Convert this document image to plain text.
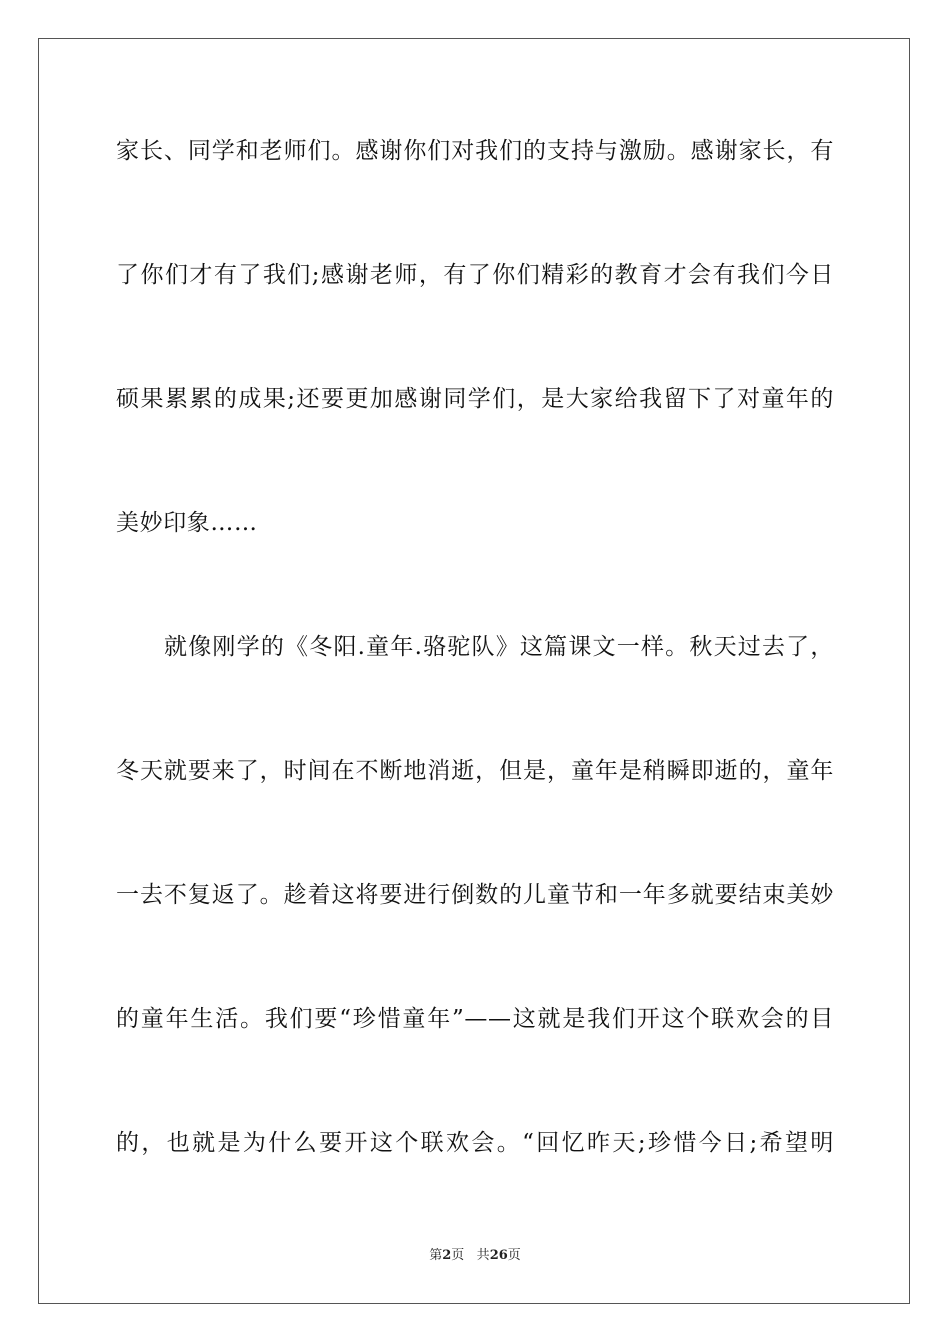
家长、同学和老师们。感谢你们对我们的支持与激励。感谢家长，有
了你们才有了我们;感谢老师，有了你们精彩的教育才会有我们今日
硕果累累的成果;还要更加感谢同学们，是大家给我留下了对童年的
美妙印象……
就像刚学的《冬阳.童年.骆驼队》这篇课文一样。秋天过去了，
冬天就要来了，时间在不断地消逝，但是，童年是稍瞬即逝的，童年
一去不复返了。趁着这将要进行倒数的儿童节和一年多就要结束美妙
的童年生活。我们要“珍惜童年”——这就是我们开这个联欢会的目
的，也就是为什么要开这个联欢会。“回忆昨天;珍惜今日;希望明
第2页 共26页
